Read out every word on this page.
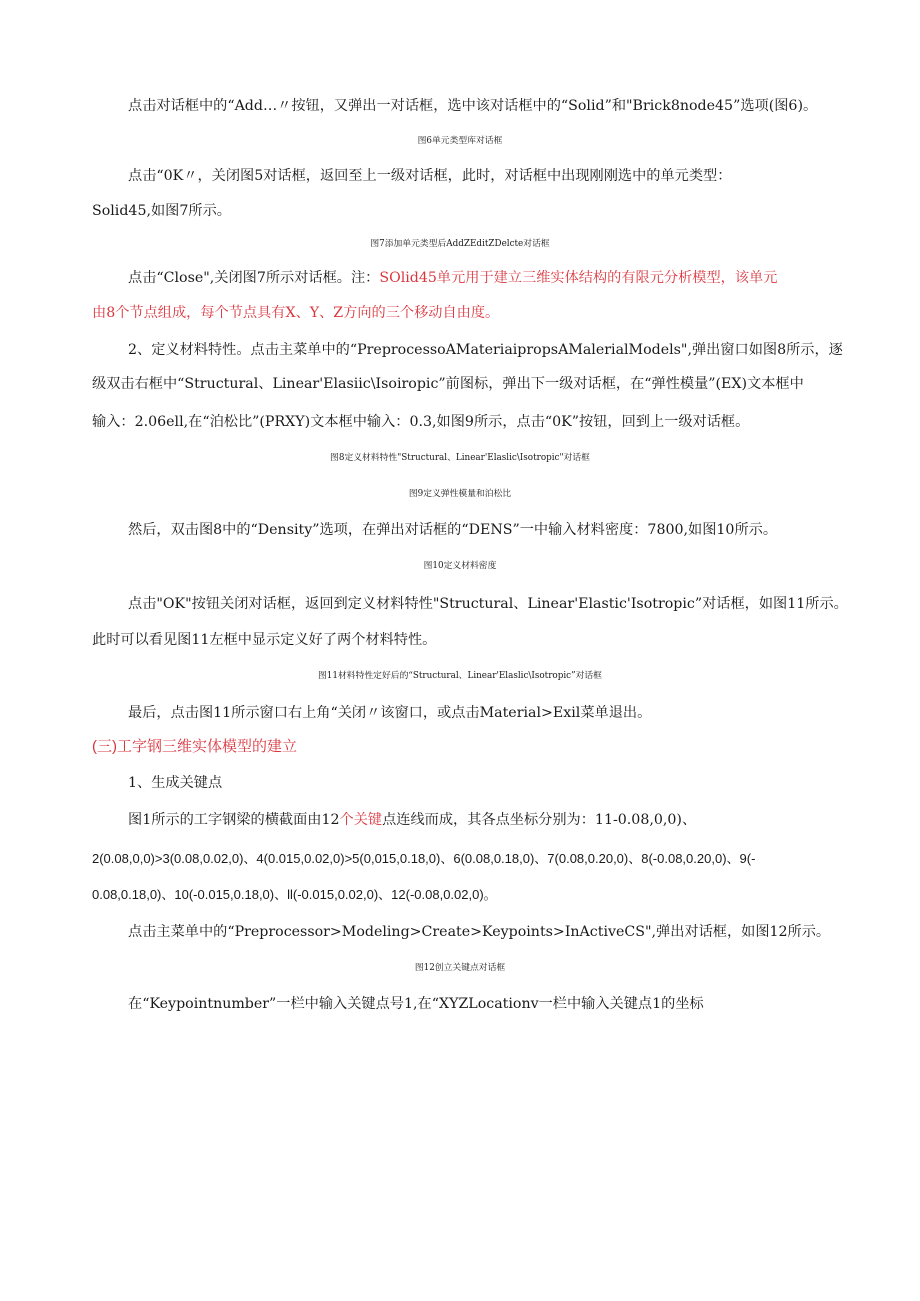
点击对话框中的“Add…〃按钮，又弹出一对话框，选中该对话框中的“Solid”和"Brick8node45”选项(图6)。
图6单元类型库对话框
点击“0K〃，关闭图5对话框，返回至上一级对话框，此时，对话框中出现刚刚选中的单元类型：
Solid45,如图7所示。
图7添加单元类型后AddZEditZDelcte对话框
点击“Close",关闭图7所示对话框。注：SOlid45单元用于建立三维实体结构的有限元分析模型，该单元
由8个节点组成，每个节点具有X、Y、Z方向的三个移动自由度。
2、定义材料特性。点击主菜单中的“PreprocessoAMateriaipropsAMalerialModels",弹出窗口如图8所示，逐
级双击右框中“Structural、Linear'Elasiic\Isoiropic”前图标，弹出下一级对话框，在“弹性模量”(EX)文本框中
输入：2.06ell,在“泊松比”(PRXY)文本框中输入：0.3,如图9所示，点击“0K”按钮，回到上一级对话框。
图8定义材料特性"Structural、Linear'Elaslic\Isotropic"对话框
图9定义弹性模量和泊松比
然后，双击图8中的“Density”选项，在弹出对话框的“DENS”一中输入材料密度：7800,如图10所示。
图10定义材料密度
点击"OK"按钮关闭对话框，返回到定义材料特性"Structural、Linear'Elastic'Isotropic”对话框，如图11所示。
此时可以看见图11左框中显示定义好了两个材料特性。
图11材料特性定好后的“Structural、Linear'Elaslic\Isotropic”对话框
最后，点击图11所示窗口右上角“关闭〃该窗口，或点击Material>Exil菜单退出。
(三)工字钢三维实体模型的建立
1、生成关键点
图1所示的工字钢梁的横截面由12个关键点连线而成，其各点坐标分别为：11-0.08,0,0)、
2(0.08,0,0)>3(0.08,0.02,0)、4(0.015,0.02,0)>5(0,015,0.18,0)、6(0.08,0.18,0)、7(0.08,0.20,0)、8(-0.08,0.20,0)、9(-
0.08,0.18,0)、10(-0.015,0.18,0)、ll(-0.015,0.02,0)、12(-0.08,0.02,0)。
点击主菜单中的“Preprocessor>Modeling>Create>Keypoints>InActiveCS",弹出对话框，如图12所示。
图12创立关键点对话框
在“Keypointnumber”一栏中输入关键点号1,在“XYZLocationv一栏中输入关键点1的坐标
